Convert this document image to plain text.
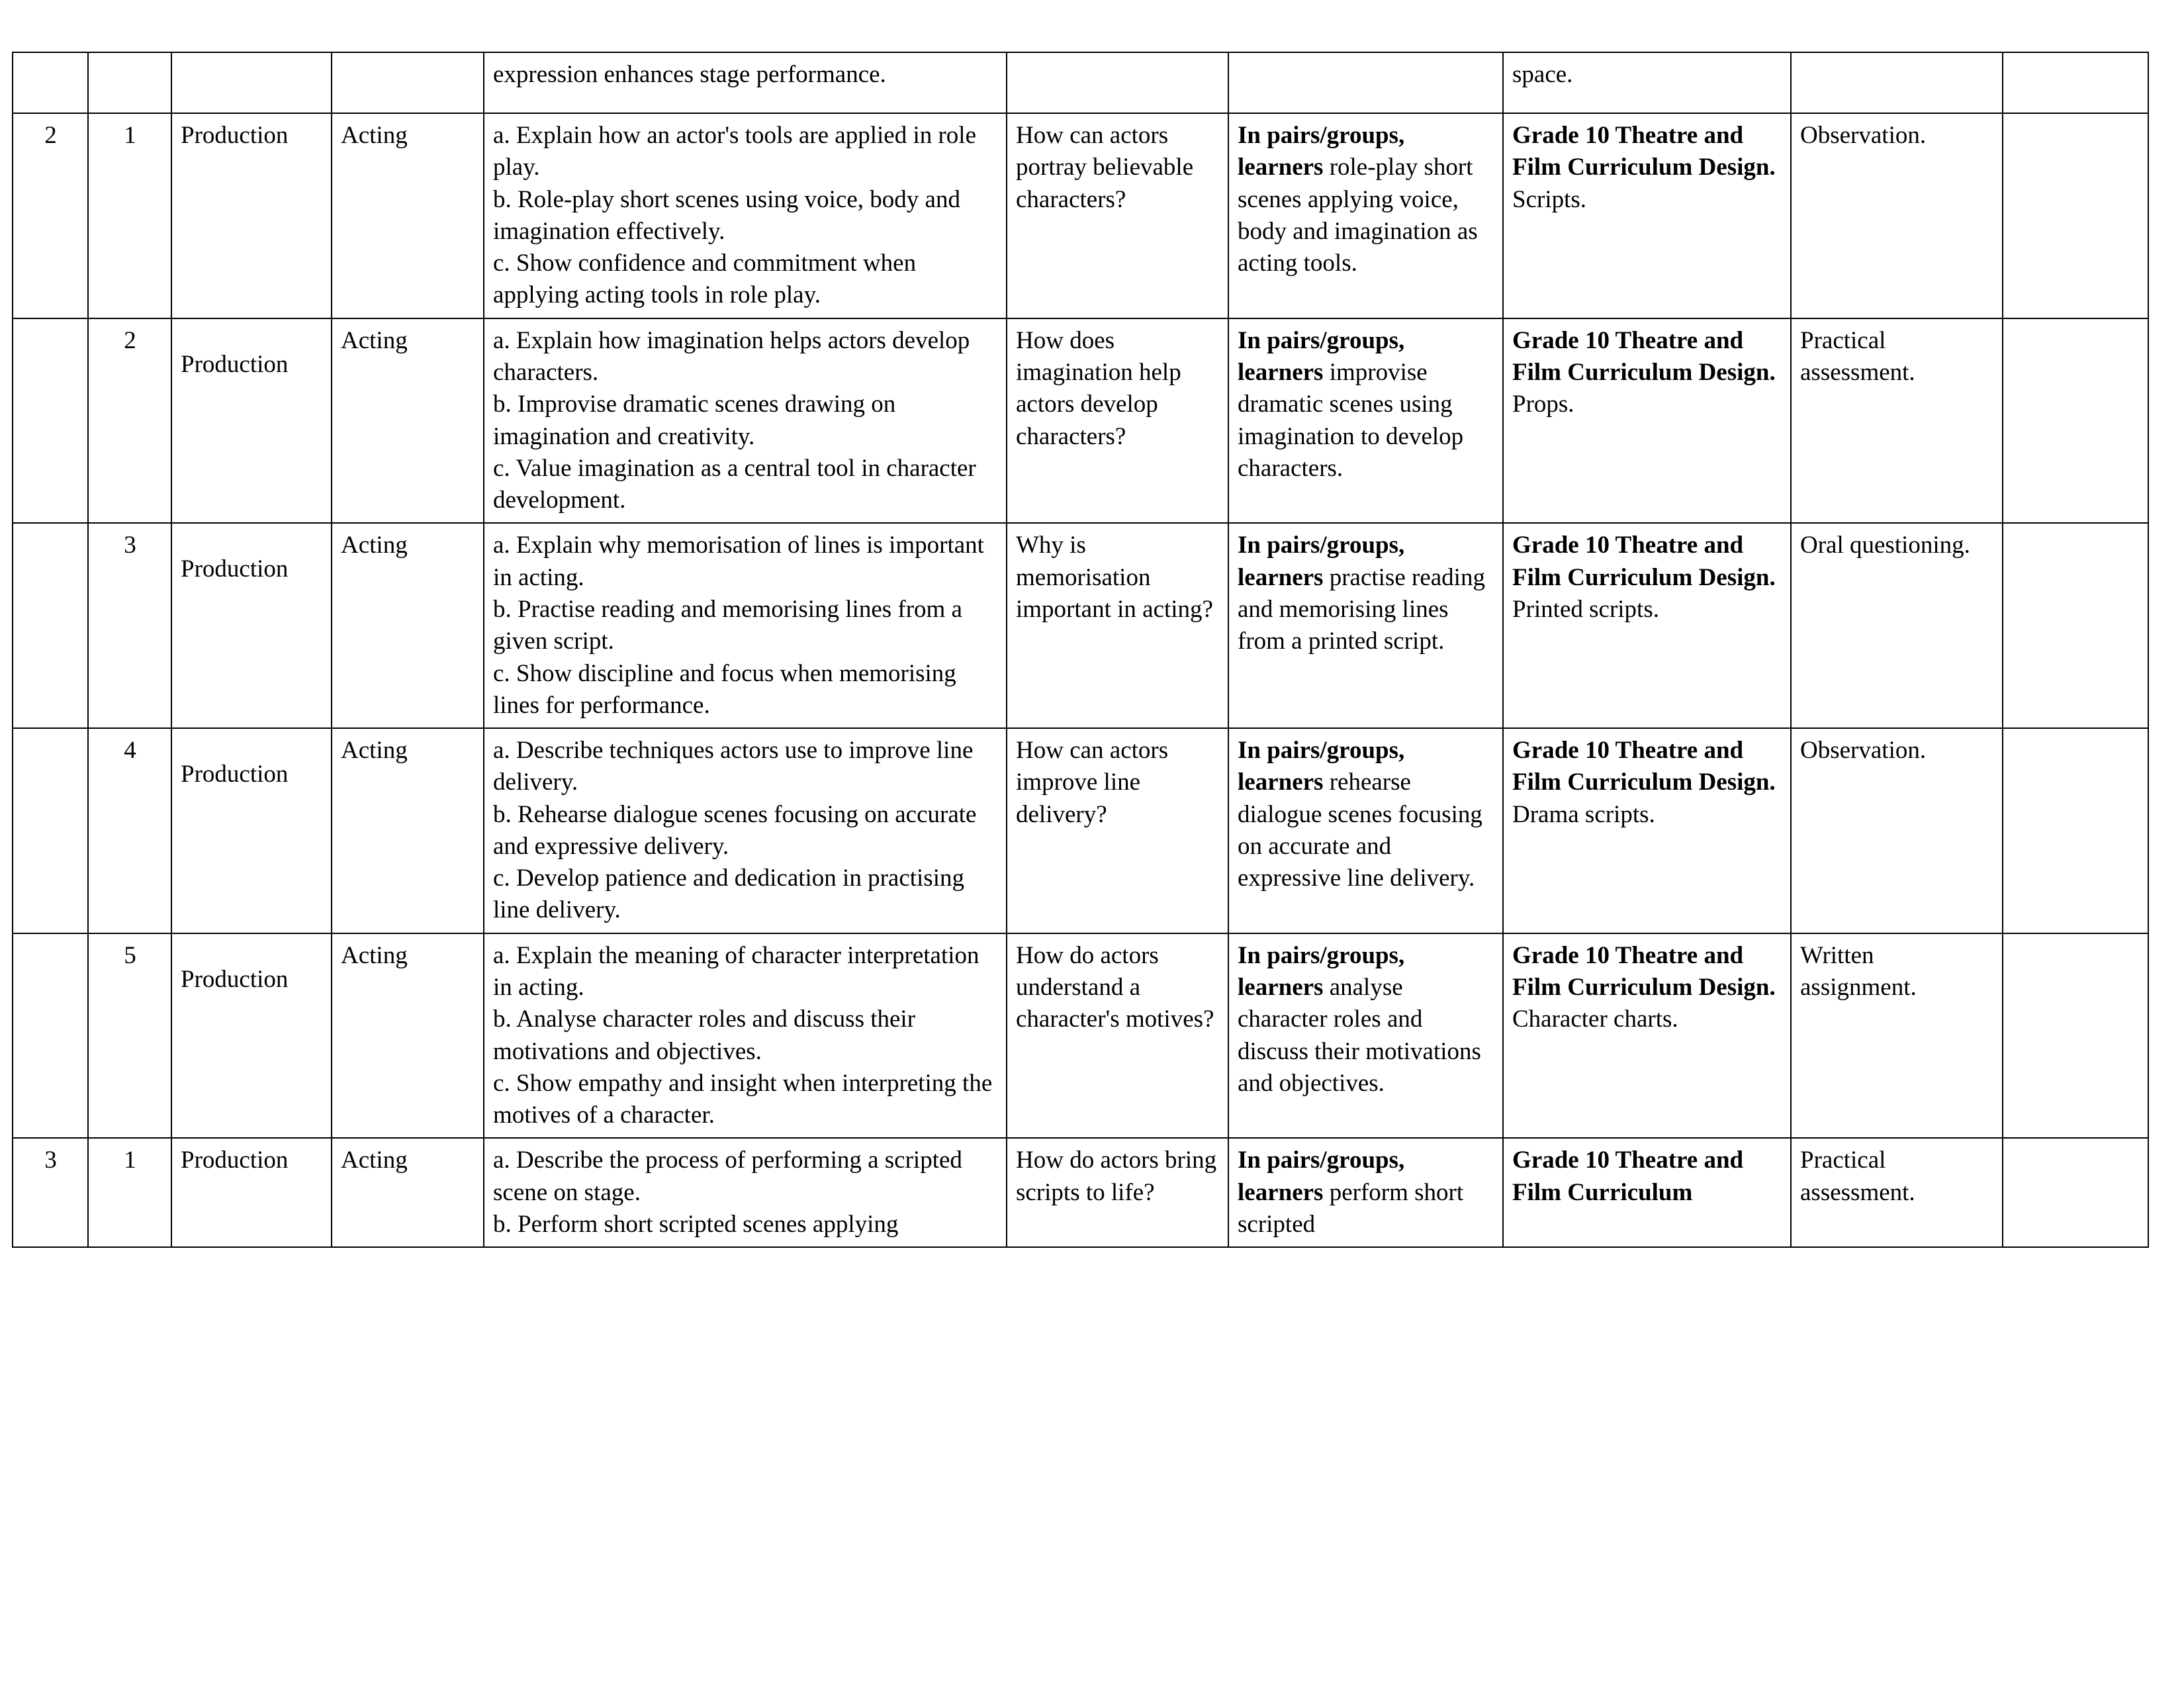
				expression enhances stage performance.			space.		
2	1	Production	Acting	a. Explain how an actor's tools are applied in role play.
b. Role-play short scenes using voice, body and imagination effectively.
c. Show confidence and commitment when applying acting tools in role play.	How can actors portray believable characters?	In pairs/groups, learners role-play short scenes applying voice, body and imagination as acting tools.	Grade 10 Theatre and Film Curriculum Design.
Scripts.	Observation.	
	2	Production	Acting	a. Explain how imagination helps actors develop characters.
b. Improvise dramatic scenes drawing on imagination and creativity.
c. Value imagination as a central tool in character development.	How does imagination help actors develop characters?	In pairs/groups, learners improvise dramatic scenes using imagination to develop characters.	Grade 10 Theatre and Film Curriculum Design.
Props.	Practical assessment.	
	3	Production	Acting	a. Explain why memorisation of lines is important in acting.
b. Practise reading and memorising lines from a given script.
c. Show discipline and focus when memorising lines for performance.	Why is memorisation important in acting?	In pairs/groups, learners practise reading and memorising lines from a printed script.	Grade 10 Theatre and Film Curriculum Design.
Printed scripts.	Oral questioning.	
	4	Production	Acting	a. Describe techniques actors use to improve line delivery.
b. Rehearse dialogue scenes focusing on accurate and expressive delivery.
c. Develop patience and dedication in practising line delivery.	How can actors improve line delivery?	In pairs/groups, learners rehearse dialogue scenes focusing on accurate and expressive line delivery.	Grade 10 Theatre and Film Curriculum Design.
Drama scripts.	Observation.	
	5	Production	Acting	a. Explain the meaning of character interpretation in acting.
b. Analyse character roles and discuss their motivations and objectives.
c. Show empathy and insight when interpreting the motives of a character.	How do actors understand a character's motives?	In pairs/groups, learners analyse character roles and discuss their motivations and objectives.	Grade 10 Theatre and Film Curriculum Design.
Character charts.	Written assignment.	
3	1	Production	Acting	a. Describe the process of performing a scripted scene on stage.
b. Perform short scripted scenes applying	How do actors bring scripts to life?	In pairs/groups, learners perform short scripted	Grade 10 Theatre and Film Curriculum	Practical assessment.	
